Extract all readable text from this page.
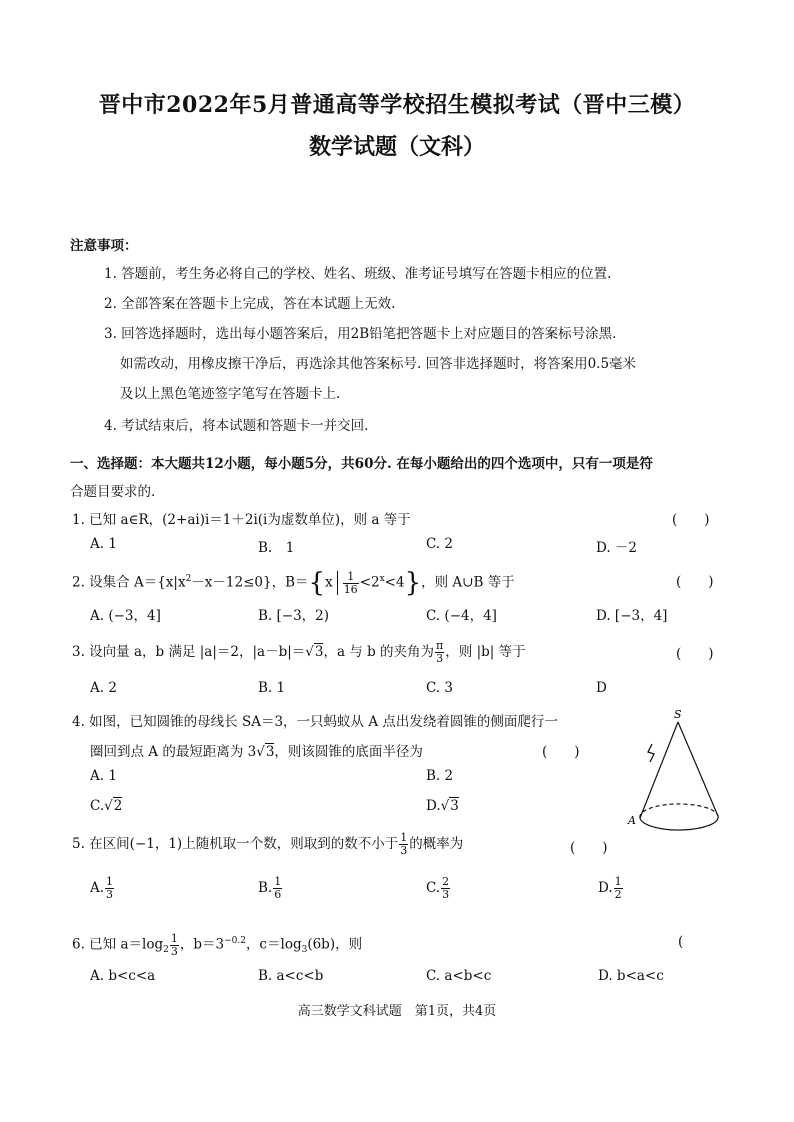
晋中市2022年5月普通高等学校招生模拟考试（晋中三模）
数学试题（文科）
注意事项：
1. 答题前，考生务必将自己的学校、姓名、班级、准考证号填写在答题卡相应的位置.
2. 全部答案在答题卡上完成，答在本试题上无效.
3. 回答选择题时，选出每小题答案后，用2B铅笔把答题卡上对应题目的答案标号涂黑.
如需改动，用橡皮擦干净后，再选涂其他答案标号. 回答非选择题时，将答案用0.5毫米
及以上黑色笔迹签字笔写在答题卡上.
4. 考试结束后，将本试题和答题卡一并交回.
一、选择题：本大题共12小题，每小题5分，共60分. 在每小题给出的四个选项中，只有一项是符
合题目要求的.
1. 已知 a∈R，(2+ai)i＝1＋2i(i为虚数单位)，则 a 等于	(　　)
A. 1	B.　1	C. 2	D. －2
2. 设集合 $A=\{x|x^2-x-12\le 0\}$，$B=\{x \frac{1}{16} <2^x<4\}$，则 A∪B 等于	(　　)
A. (−3，4]	B. [−3，2)	C. (−4，4]	D. [−3，4]
3. 设向量 a，b 满足 |a|＝2，|a－b|＝√3，a 与 b 的夹角为 $\frac{\pi}{3}$ ，则 |b| 等于	(　　)
A. 2	B. 1	C. 3	D
4. 如图，已知圆锥的母线长 SA＝3，一只蚂蚁从 A 点出发绕着圆锥的侧面爬行一
圈回到点 A 的最短距离为 3√3，则该圆锥的底面半径为	(　　)
A. 1	B. 2
C.√2	D.√3
S
A
5. 在区间(−1，1)上随机取一个数，则取到的数不小于 $\frac{1}{3}$ 的概率为	(　　)
A. $\frac{1}{3}$	B. $\frac{1}{6}$	C. $\frac{2}{3}$	D. $\frac{1}{2}$
6. 已知 $a=\log_2 \frac{1}{3}$ ，$b=3^{-0.2}$，$c=\log_3(6b)$，则	(
A. b<c<a	B. a<c<b	C. a<b<c	D. b<a<c
高三数学文科试题　第1页，共4页
